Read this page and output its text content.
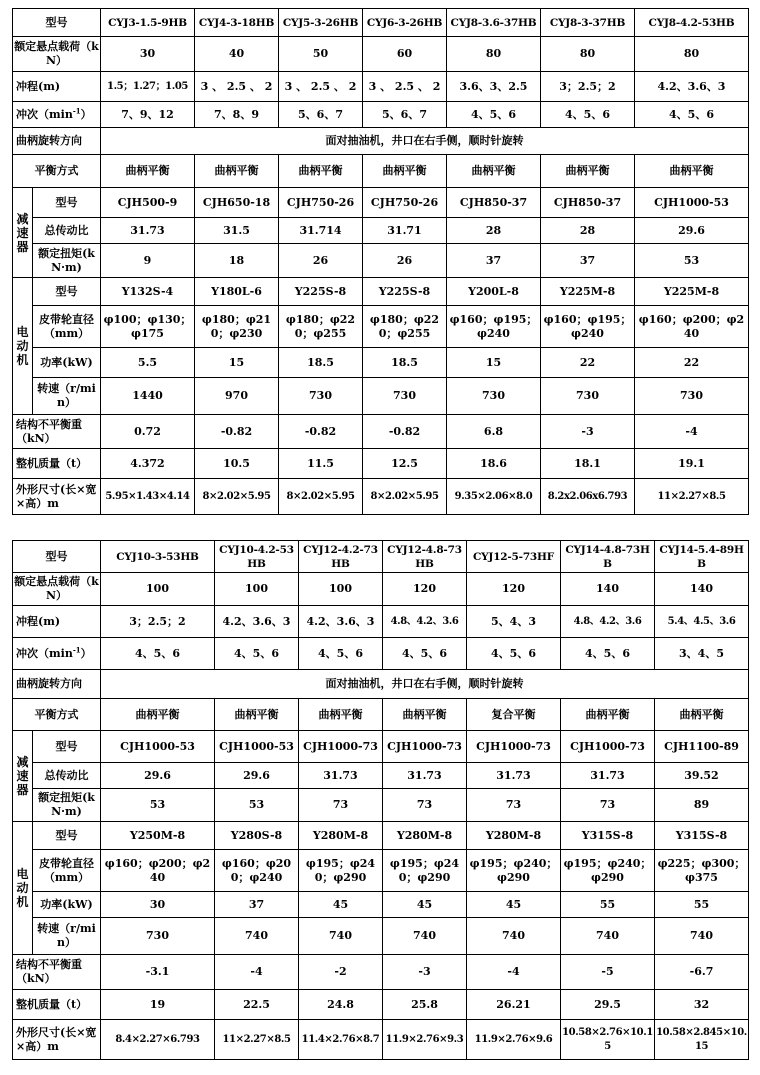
型号		CYJ3-1.5-9HB	CYJ4-3-18HB	CYJ5-3-26HB	CYJ6-3-26HB	CYJ8-3.6-37HB	CYJ8-3-37HB	CYJ8-4.2-53HB
额定悬点载荷（kN）		30	40	50	60	80	80	80
冲程(m)		1.5；1.27；1.05	3 、 2.5 、 2	3 、 2.5 、 2	3 、 2.5 、 2	3.6、3、2.5	3；2.5；2	4.2、3.6、3
冲次$(\min^{-1})$		7、9、12	7、8、9	5、6、7	5、6、7	4、5、6	4、5、6	4、5、6
曲柄旋转方向		面对抽油机，井口在右手侧，顺时针旋转						
平衡方式		曲柄平衡	曲柄平衡	曲柄平衡	曲柄平衡	曲柄平衡	曲柄平衡	曲柄平衡
减速器	型号	CJH500-9	CJH650-18	CJH750-26	CJH750-26	CJH850-37	CJH850-37	CJH1000-53
	总传动比	31.73	31.5	31.714	31.71	28	28	29.6
	额定扭矩(kN·m)	9	18	26	26	37	37	53
电动机	型号	Y132S-4	Y180L-6	Y225S-8	Y225S-8	Y200L-8	Y225M-8	Y225M-8
	皮带轮直径（mm）	φ100；φ130；φ175	φ180；φ210；φ230	φ180；φ220；φ255	φ180；φ220；φ255	φ160；φ195；φ240	φ160；φ195；φ240	φ160；φ200；φ240
	功率(kW)	5.5	15	18.5	18.5	15	22	22
	转速（r/min）	1440	970	730	730	730	730	730
结构不平衡重（kN）		0.72	-0.82	-0.82	-0.82	6.8	-3	-4
整机质量（t）		4.372	10.5	11.5	12.5	18.6	18.1	19.1
外形尺寸(长×宽×高）m		5.95×1.43×4.14	8×2.02×5.95	8×2.02×5.95	8×2.02×5.95	9.35×2.06×8.0	8.2x2.06x6.793	11×2.27×8.5
型号		CYJ10-3-53HB	CYJ10-4.2-53HB	CYJ12-4.2-73HB	CYJ12-4.8-73HB	CYJ12-5-73HF	CYJ14-4.8-73HB	CYJ14-5.4-89HB
额定悬点载荷（kN）		100	100	100	120	120	140	140
冲程(m)		3；2.5；2	4.2、3.6、3	4.2、3.6、3	4.8、4.2、3.6	5、4、3	4.8、4.2、3.6	5.4、4.5、3.6
冲次$(\min^{-1})$		4、5、6	4、5、6	4、5、6	4、5、6	4、5、6	4、5、6	3、4、5
曲柄旋转方向		面对抽油机，井口在右手侧，顺时针旋转						
平衡方式		曲柄平衡	曲柄平衡	曲柄平衡	曲柄平衡	复合平衡	曲柄平衡	曲柄平衡
减速器	型号	CJH1000-53	CJH1000-53	CJH1000-73	CJH1000-73	CJH1000-73	CJH1000-73	CJH1100-89
	总传动比	29.6	29.6	31.73	31.73	31.73	31.73	39.52
	额定扭矩(kN·m)	53	53	73	73	73	73	89
电动机	型号	Y250M-8	Y280S-8	Y280M-8	Y280M-8	Y280M-8	Y315S-8	Y315S-8
	皮带轮直径（mm）	φ160；φ200；φ240	φ160；φ200；φ240	φ195；φ240；φ290	φ195；φ240；φ290	φ195；φ240；φ290	φ195；φ240；φ290	φ225；φ300；φ375
	功率(kW)	30	37	45	45	45	55	55
	转速（r/min）	730	740	740	740	740	740	740
结构不平衡重（kN）		-3.1	-4	-2	-3	-4	-5	-6.7
整机质量（t）		19	22.5	24.8	25.8	26.21	29.5	32
外形尺寸(长×宽×高）m		8.4×2.27×6.793	11×2.27×8.5	11.4×2.76×8.7	11.9×2.76×9.3	11.9×2.76×9.6	10.58×2.76×10.15	10.58×2.845×10.15
